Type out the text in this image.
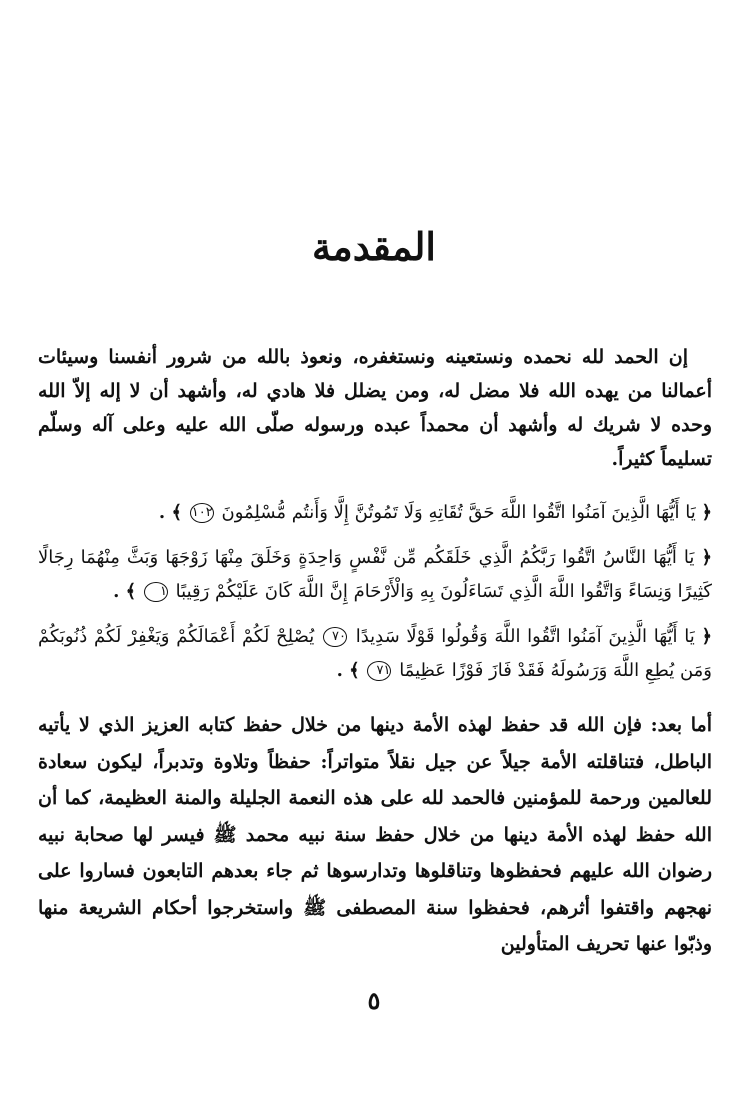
المقدمة
إن الحمد لله نحمده ونستعينه ونستغفره، ونعوذ بالله من شرور أنفسنا وسيئات أعمالنا من يهده الله فلا مضل له، ومن يضلل فلا هادي له، وأشهد أن لا إله إلاّ الله وحده لا شريك له وأشهد أن محمداً عبده ورسوله صلّى الله عليه وعلى آله وسلّم تسليماً كثيراً.
﴿ يَا أَيُّهَا الَّذِينَ آمَنُوا اتَّقُوا اللَّهَ حَقَّ تُقَاتِهِ وَلَا تَمُوتُنَّ إِلَّا وَأَنتُم مُّسْلِمُونَ ١٠٢ ﴾ .
﴿ يَا أَيُّهَا النَّاسُ اتَّقُوا رَبَّكُمُ الَّذِي خَلَقَكُم مِّن نَّفْسٍ وَاحِدَةٍ وَخَلَقَ مِنْهَا زَوْجَهَا وَبَثَّ مِنْهُمَا رِجَالًا كَثِيرًا وَنِسَاءً وَاتَّقُوا اللَّهَ الَّذِي تَسَاءَلُونَ بِهِ وَالْأَرْحَامَ إِنَّ اللَّهَ كَانَ عَلَيْكُمْ رَقِيبًا ١ ﴾ .
﴿ يَا أَيُّهَا الَّذِينَ آمَنُوا اتَّقُوا اللَّهَ وَقُولُوا قَوْلًا سَدِيدًا ٧٠ يُصْلِحْ لَكُمْ أَعْمَالَكُمْ وَيَغْفِرْ لَكُمْ ذُنُوبَكُمْ وَمَن يُطِعِ اللَّهَ وَرَسُولَهُ فَقَدْ فَازَ فَوْزًا عَظِيمًا ٧١ ﴾ .
أما بعد: فإن الله قد حفظ لهذه الأمة دينها من خلال حفظ كتابه العزيز الذي لا يأتيه الباطل، فتناقلته الأمة جيلاً عن جيل نقلاً متواتراً: حفظاً وتلاوة وتدبراً، ليكون سعادة للعالمين ورحمة للمؤمنين فالحمد لله على هذه النعمة الجليلة والمنة العظيمة، كما أن الله حفظ لهذه الأمة دينها من خلال حفظ سنة نبيه محمد ﷺ فيسر لها صحابة نبيه رضوان الله عليهم فحفظوها وتناقلوها وتدارسوها ثم جاء بعدهم التابعون فساروا على نهجهم واقتفوا أثرهم، فحفظوا سنة المصطفى ﷺ واستخرجوا أحكام الشريعة منها وذبّوا عنها تحريف المتأولين
٥
